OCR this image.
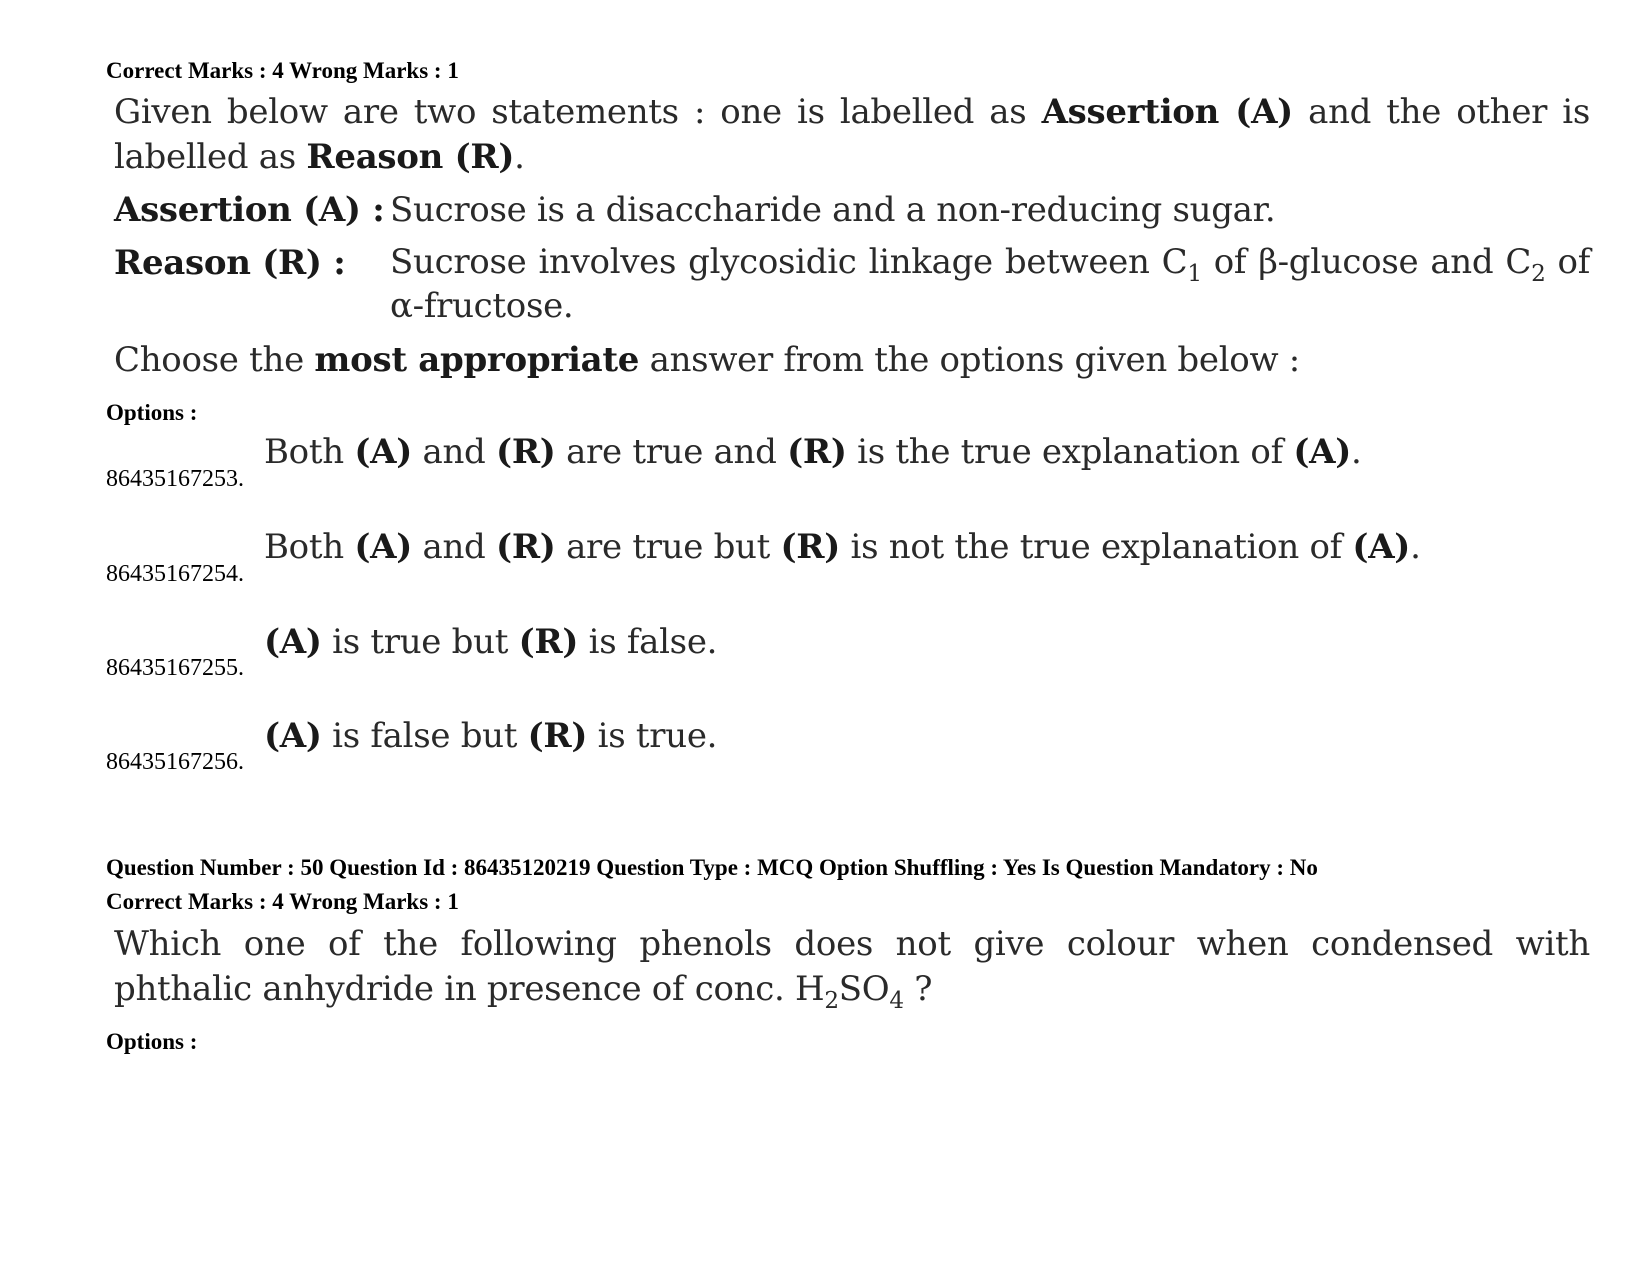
Correct Marks : 4 Wrong Marks : 1
Given below are two statements : one is labelled as Assertion (A) and the other is labelled as Reason (R).
Assertion (A) : Sucrose is a disaccharide and a non-reducing sugar.
Reason (R) : Sucrose involves glycosidic linkage between $C_1$ of β-glucose and $C_2$ of α-fructose.
Choose the most appropriate answer from the options given below :
Options :
86435167253.
Both (A) and (R) are true and (R) is the true explanation of (A).
86435167254.
Both (A) and (R) are true but (R) is not the true explanation of (A).
86435167255.
(A) is true but (R) is false.
86435167256.
(A) is false but (R) is true.
Question Number : 50 Question Id : 86435120219 Question Type : MCQ Option Shuffling : Yes Is Question Mandatory : No
Correct Marks : 4 Wrong Marks : 1
Which one of the following phenols does not give colour when condensed with phthalic anhydride in presence of conc. $H_2SO_4$ ?
Options :
